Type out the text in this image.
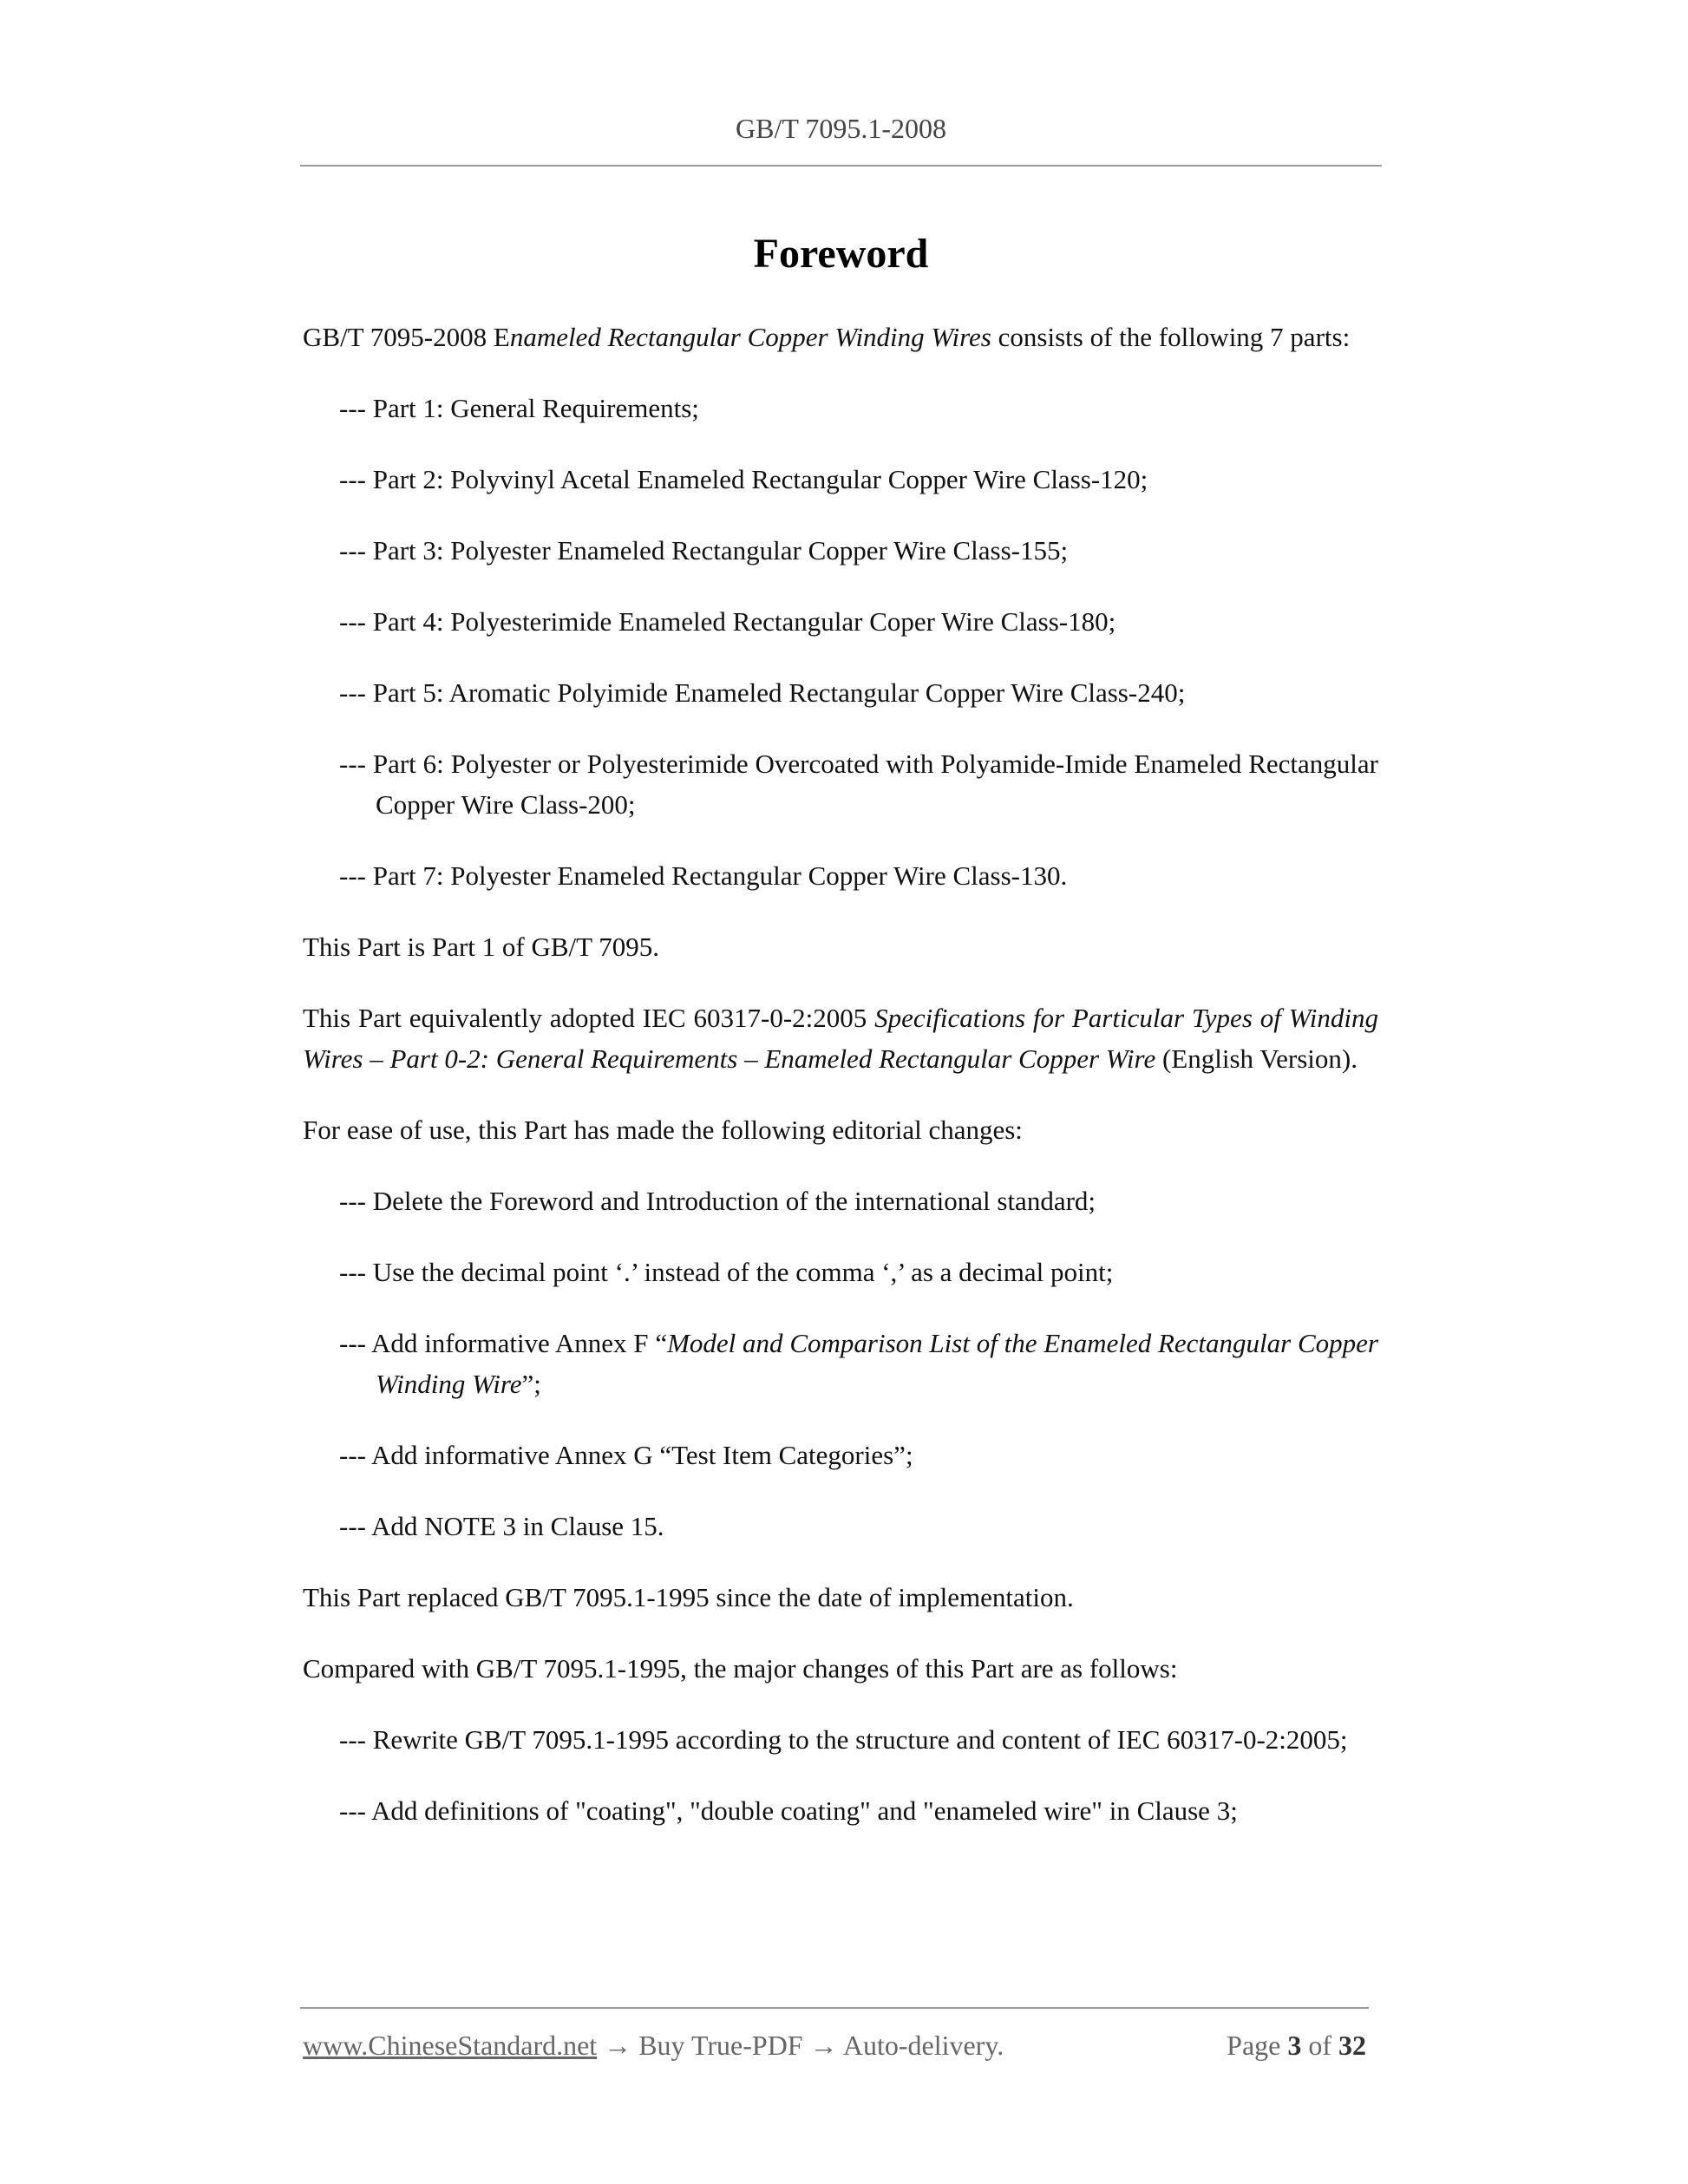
GB/T 7095.1-2008
Foreword

GB/T 7095-2008 Enameled Rectangular Copper Winding Wires consists of the following 7 parts:

--- Part 1: General Requirements;

--- Part 2: Polyvinyl Acetal Enameled Rectangular Copper Wire Class-120;

--- Part 3: Polyester Enameled Rectangular Copper Wire Class-155;

--- Part 4: Polyesterimide Enameled Rectangular Coper Wire Class-180;

--- Part 5: Aromatic Polyimide Enameled Rectangular Copper Wire Class-240;

--- Part 6: Polyester or Polyesterimide Overcoated with Polyamide-Imide Enameled Rectangular Copper Wire Class-200;

--- Part 7: Polyester Enameled Rectangular Copper Wire Class-130.

This Part is Part 1 of GB/T 7095.

This Part equivalently adopted IEC 60317-0-2:2005 Specifications for Particular Types of Winding Wires – Part 0-2: General Requirements – Enameled Rectangular Copper Wire (English Version).

For ease of use, this Part has made the following editorial changes:

--- Delete the Foreword and Introduction of the international standard;

--- Use the decimal point ‘.’ instead of the comma ‘,’ as a decimal point;

--- Add informative Annex F “Model and Comparison List of the Enameled Rectangular Copper Winding Wire”;

--- Add informative Annex G “Test Item Categories”;

--- Add NOTE 3 in Clause 15.

This Part replaced GB/T 7095.1-1995 since the date of implementation.

Compared with GB/T 7095.1-1995, the major changes of this Part are as follows:

--- Rewrite GB/T 7095.1-1995 according to the structure and content of IEC 60317-0-2:2005;

--- Add definitions of "coating", "double coating" and "enameled wire" in Clause 3;

www.ChineseStandard.net → Buy True-PDF → Auto-delivery.	Page 3 of 32
